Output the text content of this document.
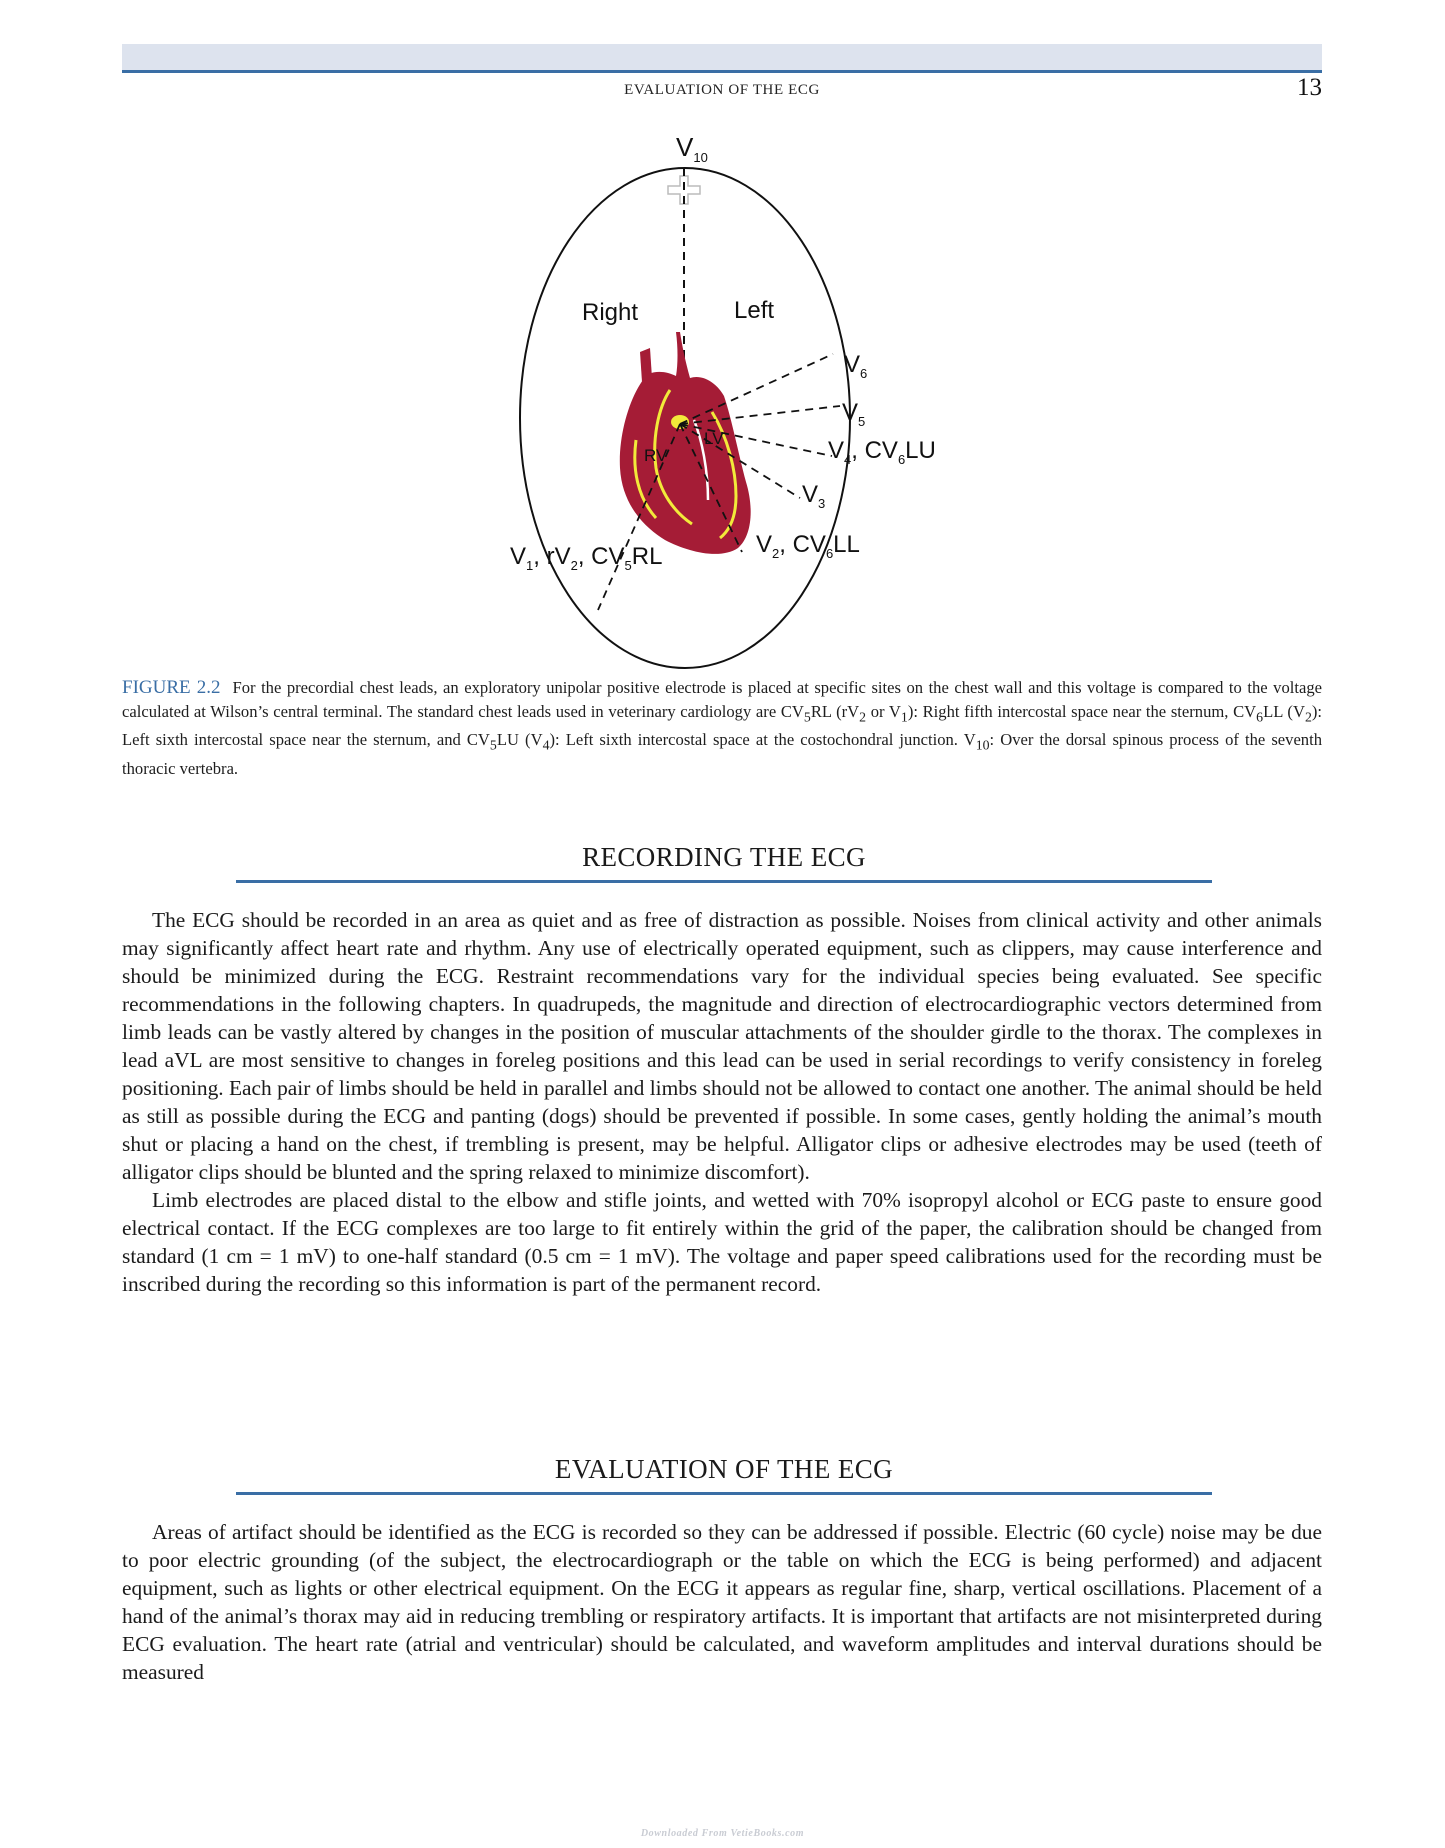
EVALUATION OF THE ECG	13
$V_{10}$
Right	Left
$V_6$
$V_5$
$V_4$, $CV_6LU$
$V_3$
$V_2$, $CV_6LL$
$V_1$, $rV_2$, $CV_5RL$
RV
LV
FIGURE 2.2 For the precordial chest leads, an exploratory unipolar positive electrode is placed at specific sites on the chest wall and this voltage is compared to the voltage calculated at Wilson’s central terminal. The standard chest leads used in veterinary cardiology are $CV_5RL$ ($rV_2$ or $V_1$): Right fifth intercostal space near the sternum, $CV_6LL$ $(V_2)$: Left sixth intercostal space near the sternum, and $CV_5LU$ $(V_4)$: Left sixth intercostal space at the costochondral junction. $V_{10}$: Over the dorsal spinous process of the seventh thoracic vertebra.
RECORDING THE ECG

The ECG should be recorded in an area as quiet and as free of distraction as possible. Noises from clinical activity and other animals may significantly affect heart rate and rhythm. Any use of electrically operated equipment, such as clippers, may cause interference and should be minimized during the ECG. Restraint recommendations vary for the individual species being evaluated. See specific recommendations in the following chapters. In quadrupeds, the magnitude and direction of electrocardiographic vectors determined from limb leads can be vastly altered by changes in the position of muscular attachments of the shoulder girdle to the thorax. The complexes in lead aVL are most sensitive to changes in foreleg positions and this lead can be used in serial recordings to verify consistency in foreleg positioning. Each pair of limbs should be held in parallel and limbs should not be allowed to contact one another. The animal should be held as still as possible during the ECG and panting (dogs) should be prevented if possible. In some cases, gently holding the animal’s mouth shut or placing a hand on the chest, if trembling is present, may be helpful. Alligator clips or adhesive electrodes may be used (teeth of alligator clips should be blunted and the spring relaxed to minimize discomfort).

Limb electrodes are placed distal to the elbow and stifle joints, and wetted with 70% isopropyl alcohol or ECG paste to ensure good electrical contact. If the ECG complexes are too large to fit entirely within the grid of the paper, the calibration should be changed from standard (1 cm = 1 mV) to one-half standard (0.5 cm = 1 mV). The voltage and paper speed calibrations used for the recording must be inscribed during the recording so this information is part of the permanent record.

EVALUATION OF THE ECG

Areas of artifact should be identified as the ECG is recorded so they can be addressed if possible. Electric (60 cycle) noise may be due to poor electric grounding (of the subject, the electrocardiograph or the table on which the ECG is being performed) and adjacent equipment, such as lights or other electrical equipment. On the ECG it appears as regular fine, sharp, vertical oscillations. Placement of a hand of the animal’s thorax may aid in reducing trembling or respiratory artifacts. It is important that artifacts are not misinterpreted during ECG evaluation. The heart rate (atrial and ventricular) should be calculated, and waveform amplitudes and interval durations should be measured

Downloaded From VetieBooks.com
